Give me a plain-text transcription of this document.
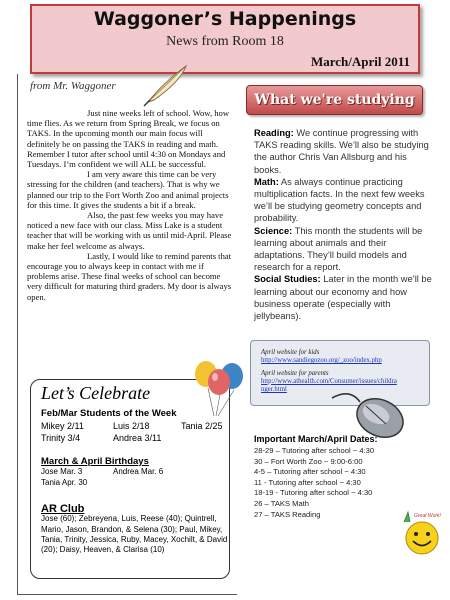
Waggoner’s Happenings
News from Room 18
March/April 2011
from Mr. Waggoner

Just nine weeks left of school. Wow, how time flies. As we return from Spring Break, we focus on TAKS. In the upcoming month our main focus will definitely be on passing the TAKS in reading and math. Remember I tutor after school until 4:30 on Mondays and Tuesdays. I’m confident we will ALL be successful.

I am very aware this time can be very stressing for the children (and teachers). That is why we planned our trip to the Fort Worth Zoo and animal projects for this time. It gives the students a bit if a break.

Also, the past few weeks you may have noticed a new face with our class. Miss Lake is a student teacher that will be working with us until mid-April. Please make her feel welcome as always.

Lastly, I would like to remind parents that encourage you to always keep in contact with me if problems arise. These final weeks of school can become very difficult for maturing third graders. My door is always open.

What we're studying

Reading: We continue progressing with TAKS reading skills. We’ll also be studying the author Chris Van Allsburg and his books.

Math: As always continue practicing multiplication facts. In the next few weeks we’ll be studying geometry concepts and probability.

Science: This month the students will be learning about animals and their adaptations. They’ll build models and research for a report.

Social Studies: Later in the month we’ll be learning about our economy and how business operate (especially with jellybeans).

April website for kids
http://www.sandiegozoo.org/_zoo/index.php
April website for parents
http://www.athealth.com/Consumer/issues/childra
nger.html
Important March/April Dates:
28-29 – Tutoring after school ~ 4:30
30 – Fort Worth Zoo ~ 9:00-6:00
4-5 – Tutoring after school ~ 4:30
11 - Tutoring after school ~ 4:30
18-19 - Tutoring after school ~ 4:30
26 – TAKS Math
27 – TAKS Reading	Great Work!
Let’s Celebrate
Feb/Mar Students of the Week
Mikey 2/11	Luis 2/18	Tania 2/25
Trinity 3/4	Andrea 3/11
March & April Birthdays
Jose Mar. 3	Andrea Mar. 6
Tania Apr. 30
AR Club
Jose (60); Zebreyena, Luis, Reese (40); Quintrell, Mario, Jason, Brandon, & Selena (30); Paul, Mikey, Tania, Trinity, Jessica, Ruby, Macey, Xochilt, & David (20); Daisy, Heaven, & Clarisa (10)
